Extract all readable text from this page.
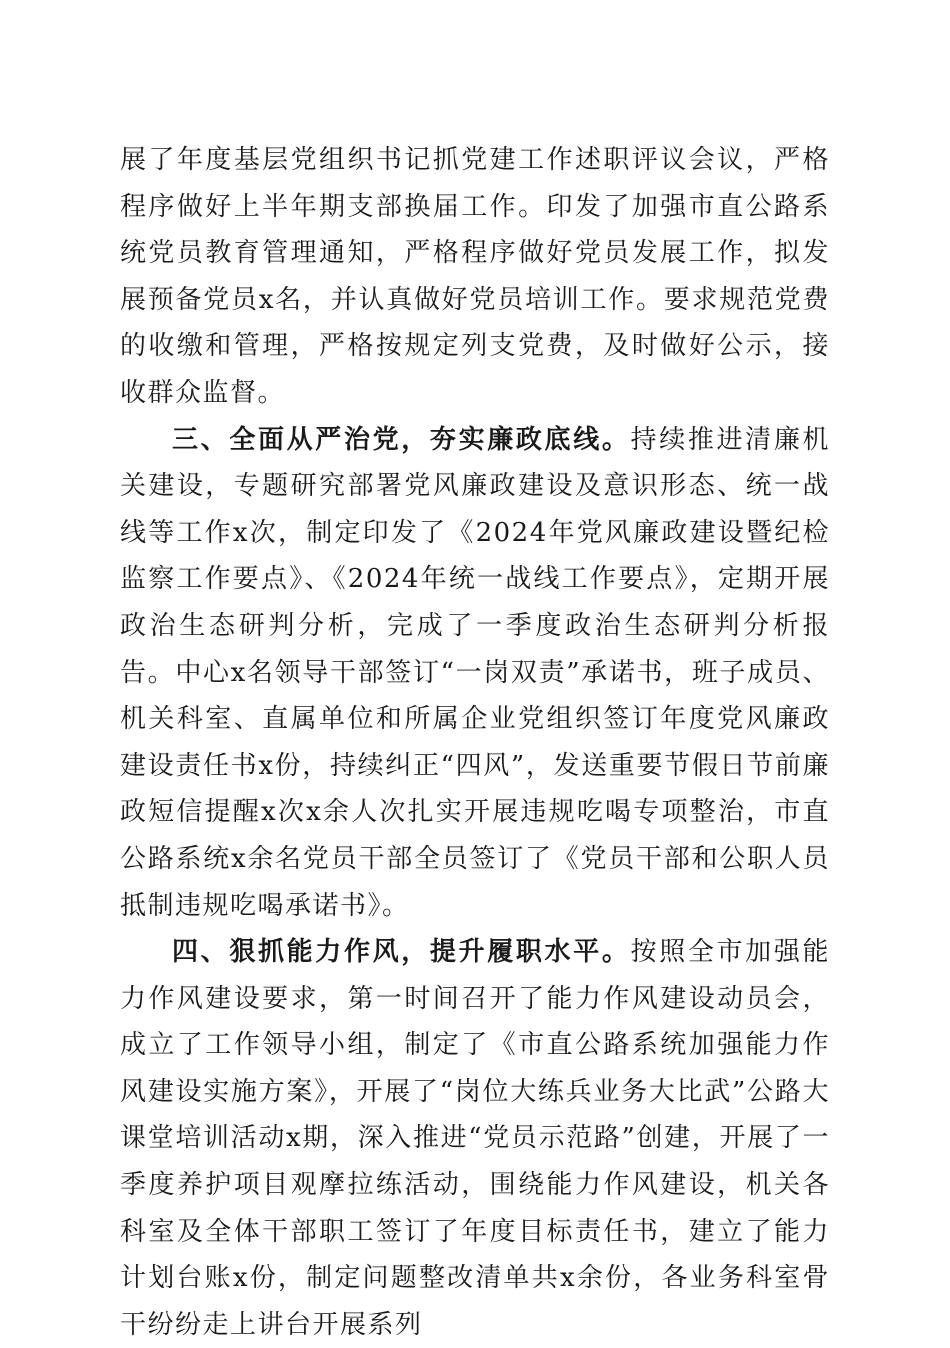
展了年度基层党组织书记抓党建工作述职评议会议，严格程序做好上半年期支部换届工作。印发了加强市直公路系统党员教育管理通知，严格程序做好党员发展工作，拟发展预备党员x名，并认真做好党员培训工作。要求规范党费的收缴和管理，严格按规定列支党费，及时做好公示，接收群众监督。

三、全面从严治党，夯实廉政底线。持续推进清廉机关建设，专题研究部署党风廉政建设及意识形态、统一战线等工作x次，制定印发了《2024年党风廉政建设暨纪检监察工作要点》、《2024年统一战线工作要点》，定期开展政治生态研判分析，完成了一季度政治生态研判分析报告。中心x名领导干部签订“一岗双责”承诺书，班子成员、机关科室、直属单位和所属企业党组织签订年度党风廉政建设责任书x份，持续纠正“四风”，发送重要节假日节前廉政短信提醒x次x余人次扎实开展违规吃喝专项整治，市直公路系统x余名党员干部全员签订了《党员干部和公职人员抵制违规吃喝承诺书》。

四、狠抓能力作风，提升履职水平。按照全市加强能力作风建设要求，第一时间召开了能力作风建设动员会，成立了工作领导小组，制定了《市直公路系统加强能力作风建设实施方案》，开展了“岗位大练兵业务大比武”公路大课堂培训活动x期，深入推进“党员示范路”创建，开展了一季度养护项目观摩拉练活动，围绕能力作风建设，机关各科室及全体干部职工签订了年度目标责任书，建立了能力计划台账x份，制定问题整改清单共x余份，各业务科室骨干纷纷走上讲台开展系列
